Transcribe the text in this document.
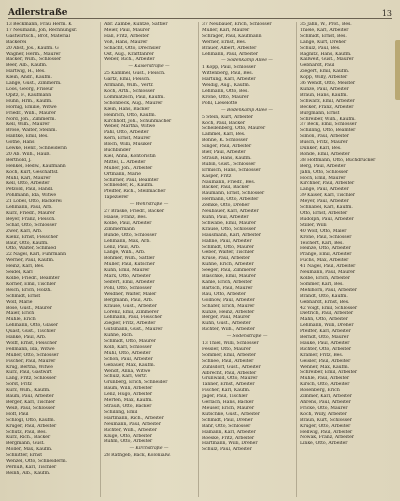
Adlerstraße	13
13 Beckmann, Frau Herm. K
17 Neumann, Joh, Rechnungsr.
Gastwirtsch., Brot, Material
Bäckerei
20 Abst, Jos., Kaufm. G
Wagner, Herm., Maurer
Bäcker, Wilh., Schlosser
Beer, Alb., Kaufm.
Hartwig, H., Bes.
Klein, Andr., Kaufm.
Lange, Gust., Zimmerm.
Loos, Georg, Friseur
Opitz, F., Kaufmann
Hühn, Hrm., Kaufm.
Hornig, Emilie, Witwe
Friedr., Wilh., Maurer
Nord, Joh., Zimmerm.
Kell, Wilh., Maurer
Bröse, Walter, Steinm.
Hantke, Emil, Bes.
Gothe, Hans
Lewke, Henr., Schneiderin
20 Ab. Wilh., Hauß.
Berthold, J.
Henkel, Hedw., Kaufmann
Koch, Kurt, Geschäftsf.
Mühl, Karl, Maurer
Kell, Otto, Arbeiter
Petzold, Paul, Handl.
Pöhlmann, Ida, Witwe
21 Löbel, Otto, Bäckerei
Lehmann, Paul, Arb.
Kurz, Friedr., Maurer
Beyer, Franz, Fleisch.
Schäf, Otto, Schlosser
Zwer, Karl, Arb.
Kienz, Ernst, Fleischer
Baur, Otto, Kaufm.
Otto, Walter, Schmied
22 Nagel, Karl, Fuhrmann
Werner, Paul, Kaufm.
Heinz, Karl, Bes.
Seidel, Karl
Kolbe, Friedr., Beamter
Körner, Emil, Tischler
Reich, Erich, Holzh.
Schmidt, Ernst
Wolf, Marie
Böse, Gust., Maurer
Maier, Erich
Mühle, Erich
Lehmann, Otto, Glaser
Quast, Gust., Tischler
Hanke, Paul, Arb.
Wolff, Ernst, Fleischer
Fellmann, Ida, Witwe
Müller, Otto, Schlosser
Fischer, Paul, Maurer
Krug, Bertha, Witwe
Kurz, Paul, Gastwirt
Lang, Fritz, Schlosser
Sorst, Fritz
Kürz, Wilh., Kaufm.
Baum, Paul, Arbeiter
Berger, Karl, Tischler
Weiß, Paul, Schlosser
Hoff, Paul
Schlögl, Otto, Kaufm.
Krüger, Paul, Arbeiter
Schütz, Paul, Bes.
Kurz, Rich., Bäcker
Bergmann, Gust.
Möller, Max, Kaufm.
Schnitter, Ernst
Wenzel, Otto, Schneiderm.
Pernuß, Karl, Tischler
Reinh, Alb., Kaufm.
Abr. Zambe, Kuntze, Sattler
Meier, Paul, Maurer
Hall, Fritz, Arbeiter
Voß, Hans, Maurer
Schacht, Otto, Drechsler
Ost, Aug., Kraftfahrer
Weber, Rich., Arbeiter
— Kaiserstraße —
25 Kämmel, Gust., Fleisch.
Gartz, Emil, Fleisch.
Arlmann, Wilh., Vertr.
Koch, Arth., Schlosser
Lommatzsch, Paul, Kaufm.
Schönbeck, Aug., Maurer
Klein, Hans, Bäcker
Heinrich, Otto, Kaufm.
Kirchhoff, Joh., Schuhmacher
Weber, Martha, Witwe
Pahl, Otto, Arbeiter
Kern, Ernst, Maurer
Bloch, Willi, Musiker
Buchbinder
Kiel, Anna, Kontoristin
Mittel, L. Arbeiter
Müller, Joh., Arbeiter
Ortmann, Marie
Schirner, Paul, Beamter
Schneider, R., Kaufm.
Pfeiffer, Rich., Stellmacher
Tapezierer
— Wehrstraße —
27 Bräske, Friedr., Bäcker
Haase, Franz, Bes.
Kolbe, Paul, Arbeiter
Zimmermann
Bunde, Otto, Schlosser
Lehmann, Max, Arb.
Lenz, Paul, Arb.
Lange, Wilh., Arb.
Böhmer, Wilh., Sattler
Müller, Paul, Kutscher
Kühn, Emil, Maurer
Marx, Otto, Arbeiter
Seifert, Emil, Arbeiter
Pöhl, Otto, Schlosser
Weidner, Walter, Maler
Bergmann, Paul, Arb.
Krause, Gust., Arbeiter
Lorenz, Emil, Zimmerer
Lehmann, Paul, Fleischer
Ziegler, Fritz, Arbeiter
Gutsmann, Gust., Maurer
Kühne, Rich.
Schmidt, Otto, Maurer
Kolb, Karl, Schlosser
Mühl, Otto, Arbeiter
Schön, Paul, Arbeiter
Gebauer, Max, Kaufm.
Wendt, Anna, Witwe
Schulz, Karl, Vertr.
Grünberg, Erich, Schneider
Baum, Willi, Arbeiter
Lenz, Hugo, Arbeiter
Merten, Max, Kaufm.
Strauß, Otto, Bäcker
Schilling, Emil
Hartmann, Rich., Arbeiter
Neumann, Paul, Arbeiter
Richter, Wilh., Arbeiter
Kluge, Otto, Arbeiter
Ruhm, Otto, Arbeiter
— Kirchstraße —
28 Rathgeb, Bäck, Kolonialw.
37 Neubauer, Erich, Schlosser
Müller, Karl, Maurer
Schräger, Paul, Kaufmann
Werner, Ernst, Bes.
Brauer, Albert, Arbeiter
Lehmann, Paul, Arbeiter
— Sodenkamp Allee —
1 Kopp, Paul, Schlosser
Wittenberg, Paul, Bes.
Hartung, Karl, Arbeiter
Weidig, Aug., Kaufm.
Lehmann, Otto, Bes.
Krone, Otto, Maurer
Pohl, Lieselotte
— Bodenkamp Allee —
5 Stein, Kurt, Arbeiter
Koch, Paul, Bäcker
Schellenberg, Otto, Maurer
Lämmel, Karl, Bes.
Bohne, K. Schlosser
Singer, Paul, Arbeiter
Bier, Paul, Arbeiter
Strauß, Hans, Kaufm.
Rubin, Gust., Schlosser
Ermisch, Hans, Schlosser
Kasper, Fritz
Naumann, Friedr., Bes.
Bäcker, Paul, Bäcker
Raumann, Ernst, Schlosser
Hermann, Otto, Arbeiter
Zemke, Otto, Dreher
Neubauer, Karl, Arbeiter
Kühn, Paul, Arbeiter
Schwabe, Emil, Maurer
Krause, Otto, Schlosser
Hausmann, Karl, Arbeiter
Hahne, Paul, Arbeiter
Schmidt, Otto, Maurer
Geber, Walter, Tischler
Kruse, Paul, Arbeiter
Kühne, Erich, Arbeiter
Seeger, Paul, Zimmerer
Blaschke, Emil, Maurer
Kahle, Erich, Arbeiter
Bartsch, Paul, Maurer
Rau, Otto, Arbeiter
Gollnow, Paul, Arbeiter
Schäfer, Erich, Maurer
Kunze, Heinz, Arbeiter
Berger, Paul, Maurer
Kühn, Gust., Arbeiter
Richter, Wilh., Arbeiter
— Sodenstraße —
13 Thiel, Willi, Schlosser
Fessler, Otto, Maurer
Sommer, Emil, Arbeiter
Schnee, Paul, Arbeiter
Zühlsdorf, Gust., Arbeiter
Albrecht, Paul, Arbeiter
Grünwald, Otto, Maurer
Tanner, Ernst, Arbeiter
Fischer, Karl, Kaufm.
Jäger, Paul, Tischler
Gerlach, Hans, Bäcker
Meuser, Erich, Maurer
Kutschke, Gust., Arbeiter
Schmidt, Paul, Dreher
Bahr, Otto, Schlosser
Hamann, Karl, Arbeiter
Roeske, Fritz, Arbeiter
Hartmann, Willi, Dreher
Schulz, Paul, Arbeiter
35 Jahn, W., Prof., Bes.
Thiele, Karl, Arbeiter
Schmidt, Ernst, Bes.
Lange, Kurt, Dreher
Schulz, Paul, Bes.
Ragnitz, Hans, Kaufm.
Kallweit, Gust., Maurer
Gebhardt, Paul
Ziegert, Emil, Kaufm.
Kopp, Willy, Arbeiter
36 Wendt, Otto, Meister
Kunze, Paul, Arbeiter
Braun, Hans, Kaufm.
Schwarz, Emil, Arbeiter
Becker, Franz, Arbeiter
Burgmann, Ernst
Schreiber, Wilh., Kaufm.
37 Beck, Emil, Schlosser
Schilling, Otto, Beamter
Simon, Paul, Arbeiter
Busch, Fritz, Maurer
Dunker, Karl, Bes.
Rohde, Emil, Arbeiter
38 Hoffmann, Otto, Buchdrucker
Berg, Paul, Arbeiter
Jahn, Otto, Schlosser
Hoch, Emil, Maurer
Kirchner, Paul, Arbeiter
Lange, Paul, Arbeiter
39 Kaiser, Karl, Tischler
Meyer, Paul, Arbeiter
Schnabel, Karl, Kaufm.
Otto, Ernst, Arbeiter
Rudolph, Paul, Arbeiter
Stiller, Willi
40 Wolf, Otto, Maler
Krone, Paul, Schlosser
Teichert, Karl, Bes.
Heinze, Otto, Arbeiter
Prange, Emil, Arbeiter
Fuchs, Max, Arbeiter
41 Nagel, Paul, Arbeiter
Neumann, Paul, Maurer
Kolbe, Erich, Arbeiter
Sommer, Karl, Bes.
Mehlhorn, Paul, Arbeiter
Brandt, Otto, Kaufm.
Gebhardt, Ernst, Bes.
42 Voigt, Emil, Schlosser
Dietrich, Paul, Arbeiter
Mahn, Otto, Arbeiter
Lehmann, Willi, Dreher
Pfeiffer, Karl, Arbeiter
Berndt, Otto, Maurer
Hauke, Paul, Arbeiter
Richter, Otto, Arbeiter
Kramer, Fritz, Bes.
Geisler, Paul, Arbeiter
Wehner, Max, Kaufm.
Schreiber, Emil, Arbeiter
Mühle, Paul, Arbeiter
Kirsch, Otto, Arbeiter
Rosenberg, Erich
Zimmer, Karl, Arbeiter
Ahrens, Paul, Arbeiter
Fricke, Otto, Maurer
Koch, Willy, Arbeiter
Braun, Kurt, Schlosser
Krüger, Otto, Arbeiter
Hellwig, Paul, Arbeiter
Nowak, Franz, Arbeiter
Linke, Otto, Arbeiter
